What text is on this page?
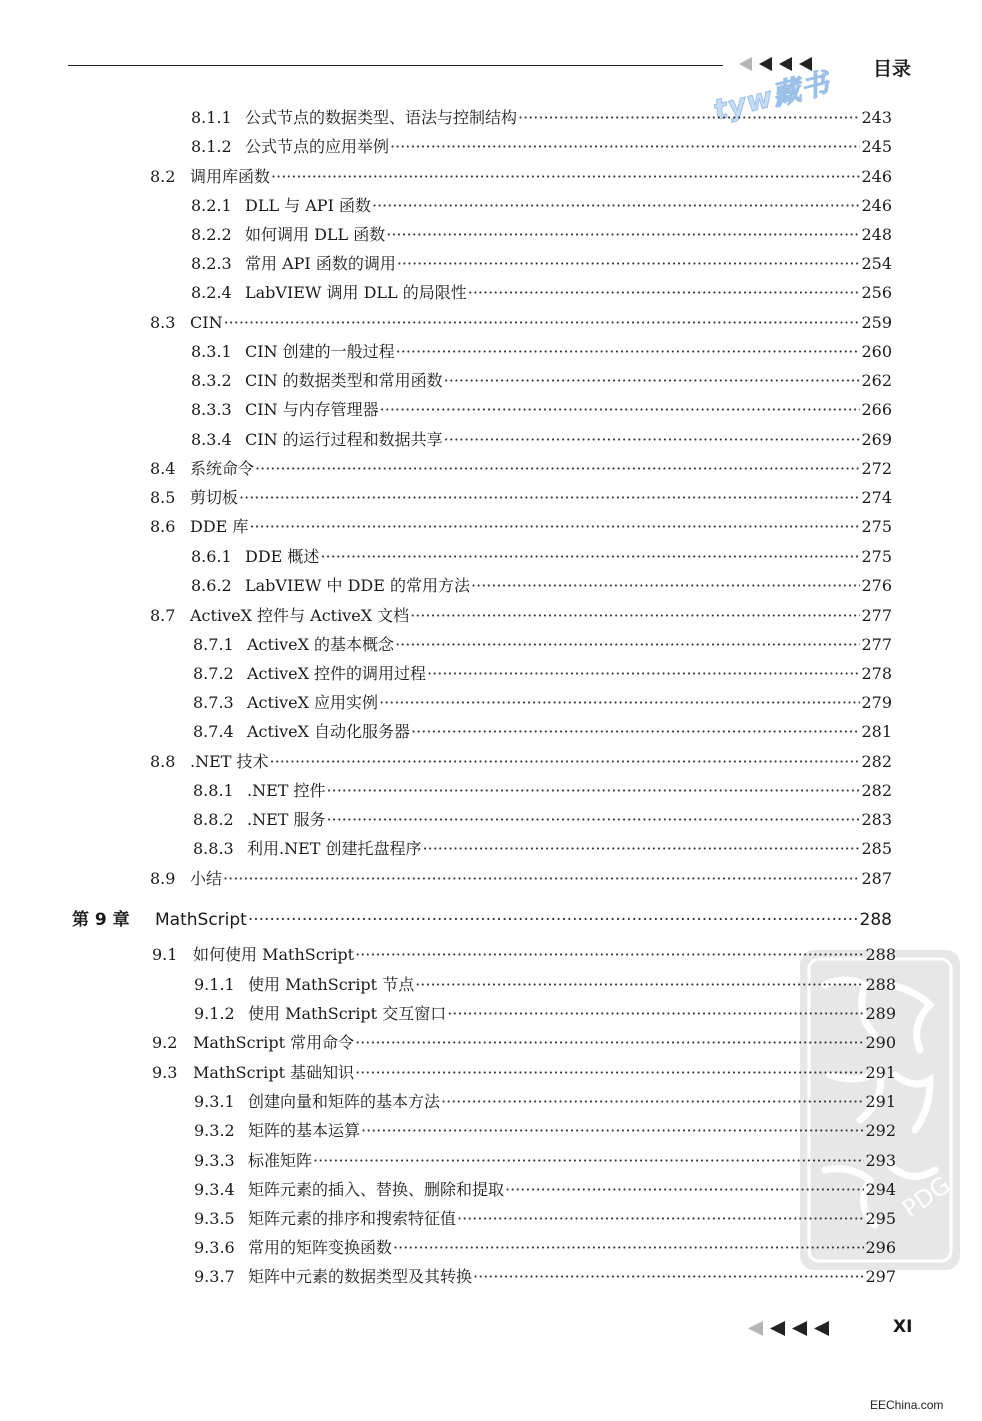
目录
tyw藏书
PDG
8.1.1 公式节点的数据类型、语法与控制结构 ·····	243
8.1.2 公式节点的应用举例 ·····	245
8.2 调用库函数 ·····	246
8.2.1 DLL 与 API 函数 ·····	246
8.2.2 如何调用 DLL 函数 ·····	248
8.2.3 常用 API 函数的调用 ·····	254
8.2.4 LabVIEW 调用 DLL 的局限性 ·····	256
8.3 CIN ·····	259
8.3.1 CIN 创建的一般过程 ·····	260
8.3.2 CIN 的数据类型和常用函数 ·····	262
8.3.3 CIN 与内存管理器 ·····	266
8.3.4 CIN 的运行过程和数据共享 ·····	269
8.4 系统命令 ·····	272
8.5 剪切板 ·····	274
8.6 DDE 库 ·····	275
8.6.1 DDE 概述 ·····	275
8.6.2 LabVIEW 中 DDE 的常用方法 ·····	276
8.7 ActiveX 控件与 ActiveX 文档 ·····	277
8.7.1 ActiveX 的基本概念 ·····	277
8.7.2 ActiveX 控件的调用过程 ·····	278
8.7.3 ActiveX 应用实例 ·····	279
8.7.4 ActiveX 自动化服务器 ·····	281
8.8 .NET 技术 ·····	282
8.8.1 .NET 控件 ·····	282
8.8.2 .NET 服务 ·····	283
8.8.3 利用.NET 创建托盘程序 ·····	285
8.9 小结 ·····	287
第 9 章	MathScript ·····	288
9.1 如何使用 MathScript ·····	288
9.1.1 使用 MathScript 节点 ·····	288
9.1.2 使用 MathScript 交互窗口 ·····	289
9.2 MathScript 常用命令 ·····	290
9.3 MathScript 基础知识 ·····	291
9.3.1 创建向量和矩阵的基本方法 ·····	291
9.3.2 矩阵的基本运算 ·····	292
9.3.3 标准矩阵 ·····	293
9.3.4 矩阵元素的插入、替换、删除和提取 ·····	294
9.3.5 矩阵元素的排序和搜索特征值 ·····	295
9.3.6 常用的矩阵变换函数 ·····	296
9.3.7 矩阵中元素的数据类型及其转换 ·····	297
XI
EEChina.com
